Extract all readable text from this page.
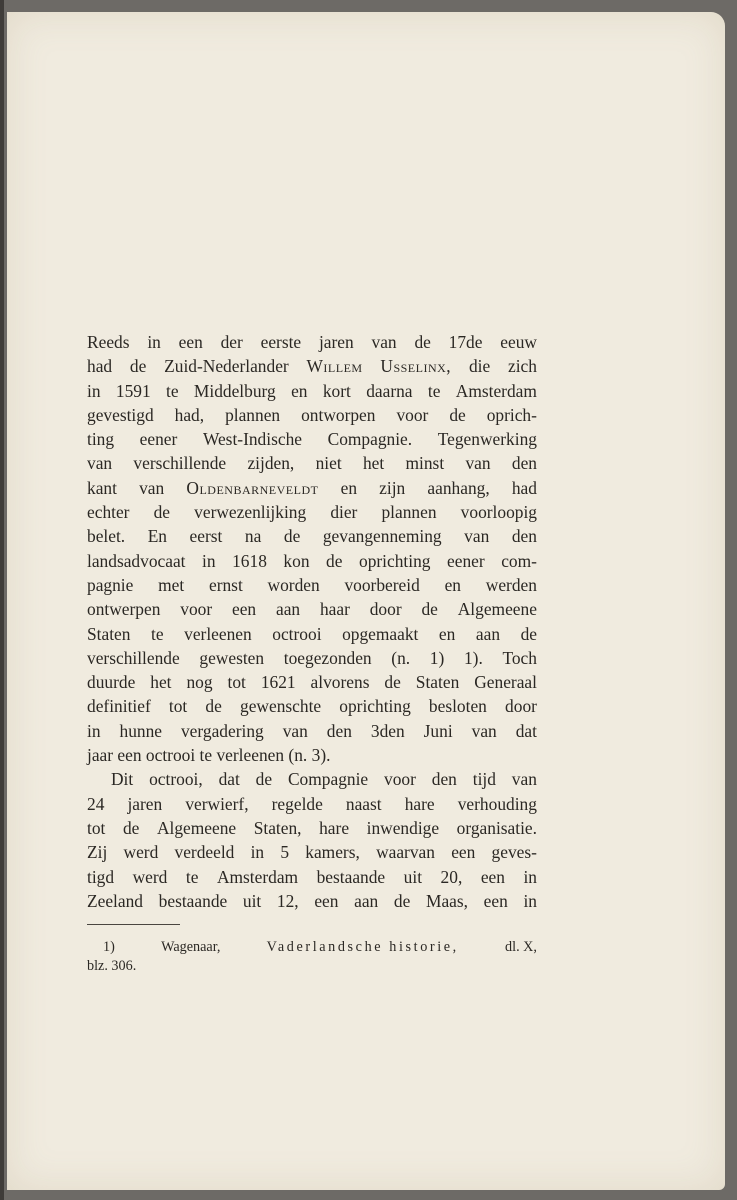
Reeds in een der eerste jaren van de 17de eeuw
had de Zuid-Nederlander Willem Usselinx, die zich
in 1591 te Middelburg en kort daarna te Amsterdam
gevestigd had, plannen ontworpen voor de oprich-
ting eener West-Indische Compagnie. Tegenwerking
van verschillende zijden, niet het minst van den
kant van Oldenbarneveldt en zijn aanhang, had
echter de verwezenlijking dier plannen voorloopig
belet. En eerst na de gevangenneming van den
landsadvocaat in 1618 kon de oprichting eener com-
pagnie met ernst worden voorbereid en werden
ontwerpen voor een aan haar door de Algemeene
Staten te verleenen octrooi opgemaakt en aan de
verschillende gewesten toegezonden (n. 1) 1). Toch
duurde het nog tot 1621 alvorens de Staten Generaal
definitief tot de gewenschte oprichting besloten door
in hunne vergadering van den 3den Juni van dat
jaar
een
octrooi
te
verleenen
(n.
3).
Dit octrooi, dat de Compagnie voor den tijd van
24 jaren verwierf, regelde naast hare verhouding
tot de Algemeene Staten, hare inwendige organisatie.
Zij werd verdeeld in 5 kamers, waarvan een geves-
tigd werd te Amsterdam bestaande uit 20, een in
Zeeland bestaande uit 12, een aan de Maas, een in
1)	Wagenaar,	Vaderlandsche historie,	dl. X,
blz. 306.
